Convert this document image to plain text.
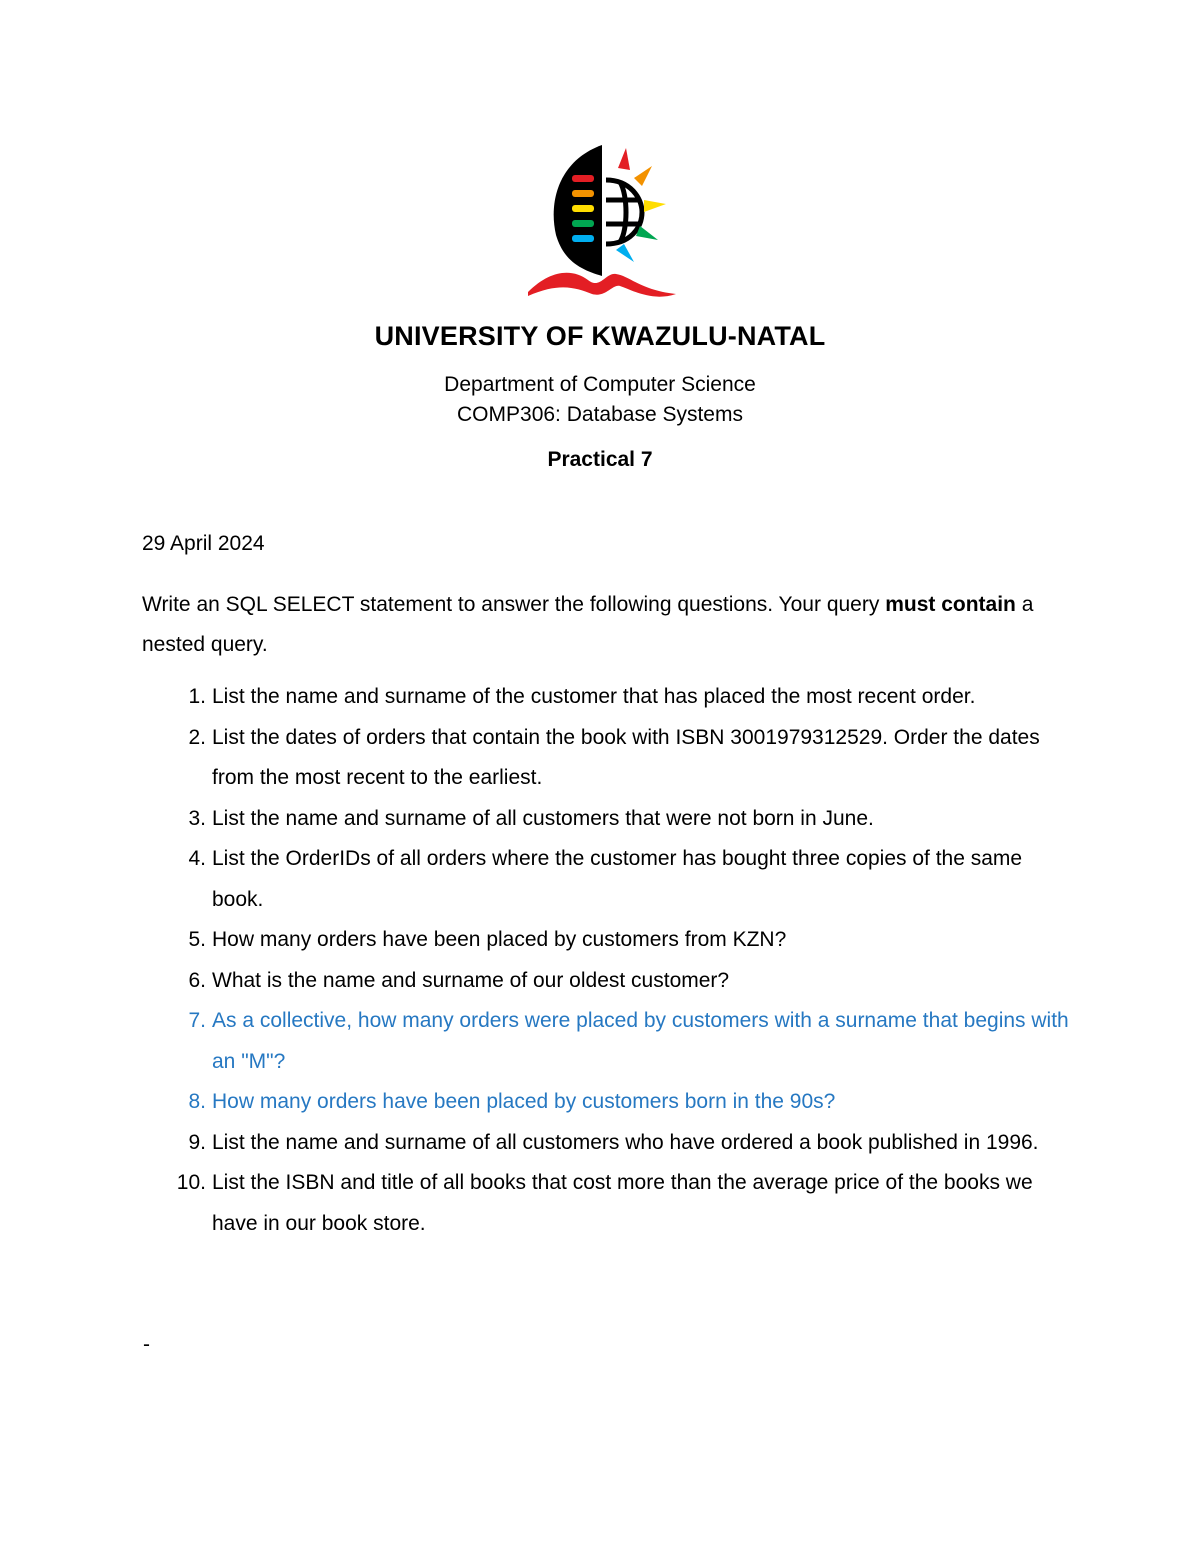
UNIVERSITY OF KWAZULU-NATAL

Department of Computer Science

COMP306: Database Systems

Practical 7

29 April 2024

Write an SQL SELECT statement to answer the following questions. Your query must contain a nested query.

1. List the name and surname of the customer that has placed the most recent order.
2. List the dates of orders that contain the book with ISBN 3001979312529. Order the dates from the most recent to the earliest.
3. List the name and surname of all customers that were not born in June.
4. List the OrderIDs of all orders where the customer has bought three copies of the same book.
5. How many orders have been placed by customers from KZN?
6. What is the name and surname of our oldest customer?
7. As a collective, how many orders were placed by customers with a surname that begins with an "M"?
8. How many orders have been placed by customers born in the 90s?
9. List the name and surname of all customers who have ordered a book published in 1996.
10. List the ISBN and title of all books that cost more than the average price of the books we have in our book store.

-
